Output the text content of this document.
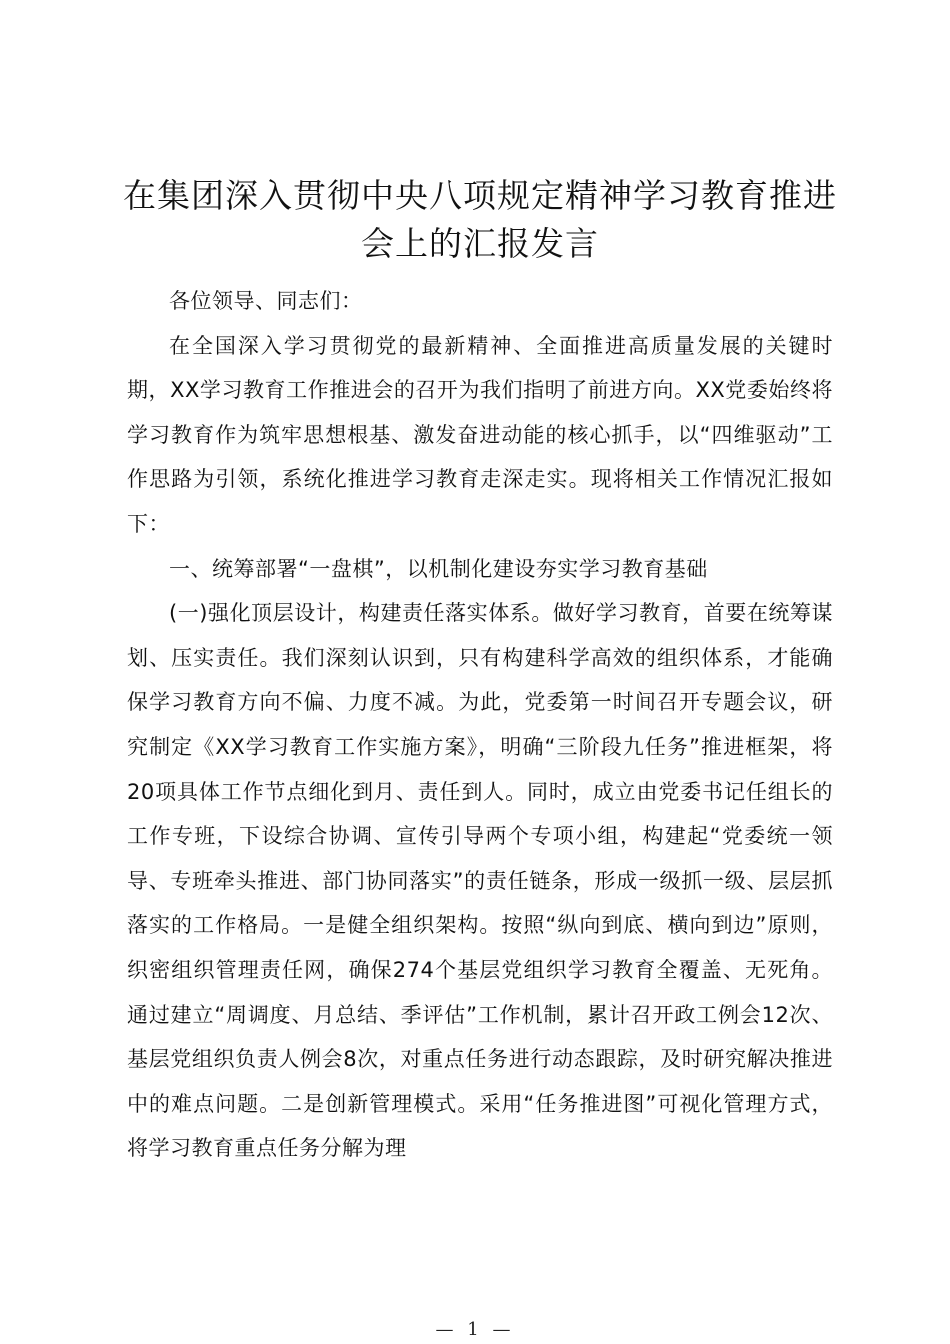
在集团深入贯彻中央八项规定精神学习教育推进会上的汇报发言

各位领导、同志们：

在全国深入学习贯彻党的最新精神、全面推进高质量发展的关键时期，XX学习教育工作推进会的召开为我们指明了前进方向。XX党委始终将学习教育作为筑牢思想根基、激发奋进动能的核心抓手，以“四维驱动”工作思路为引领，系统化推进学习教育走深走实。现将相关工作情况汇报如下：

一、统筹部署“一盘棋”，以机制化建设夯实学习教育基础

(一)强化顶层设计，构建责任落实体系。做好学习教育，首要在统筹谋划、压实责任。我们深刻认识到，只有构建科学高效的组织体系，才能确保学习教育方向不偏、力度不减。为此，党委第一时间召开专题会议，研究制定《XX学习教育工作实施方案》，明确“三阶段九任务”推进框架，将20项具体工作节点细化到月、责任到人。同时，成立由党委书记任组长的工作专班，下设综合协调、宣传引导两个专项小组，构建起“党委统一领导、专班牵头推进、部门协同落实”的责任链条，形成一级抓一级、层层抓落实的工作格局。一是健全组织架构。按照“纵向到底、横向到边”原则，织密组织管理责任网，确保274个基层党组织学习教育全覆盖、无死角。通过建立“周调度、月总结、季评估”工作机制，累计召开政工例会12次、基层党组织负责人例会8次，对重点任务进行动态跟踪，及时研究解决推进中的难点问题。二是创新管理模式。采用“任务推进图”可视化管理方式，将学习教育重点任务分解为理

— 1 —
